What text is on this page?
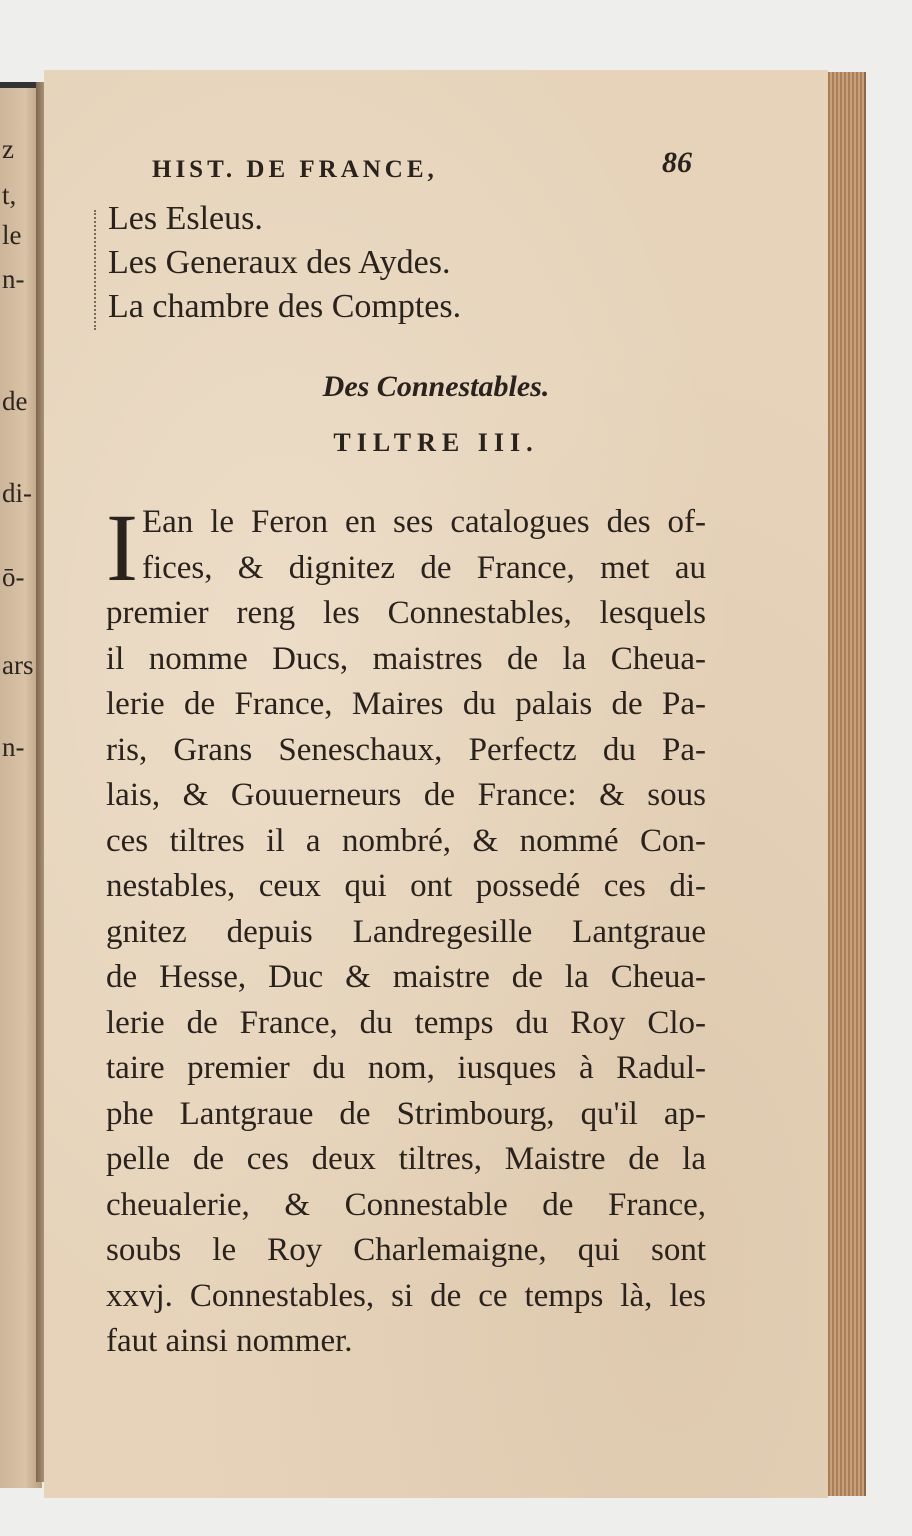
z
t,
le
n-
de
di-
ō-
ars
n-
HIST. DE FRANCE,	86
Les Esleus.
Les Generaux des Aydes.
La chambre des Comptes.
Des Connestables.
TILTRE III.
I Ean le Feron en ses catalogues des of-
fices, & dignitez de France, met au
premier reng les Connestables, lesquels
il nomme Ducs, maistres de la Cheua-
lerie de France, Maires du palais de Pa-
ris, Grans Seneschaux, Perfectz du Pa-
lais, & Gouuerneurs de France: & sous
ces tiltres il a nombré, & nommé Con-
nestables, ceux qui ont possedé ces di-
gnitez depuis Landregesille Lantgraue
de Hesse, Duc & maistre de la Cheua-
lerie de France, du temps du Roy Clo-
taire premier du nom, iusques à Radul-
phe Lantgraue de Strimbourg, qu'il ap-
pelle de ces deux tiltres, Maistre de la
cheualerie, & Connestable de France,
soubs le Roy Charlemaigne, qui sont
xxvj. Connestables, si de ce temps là, les
faut ainsi nommer.
